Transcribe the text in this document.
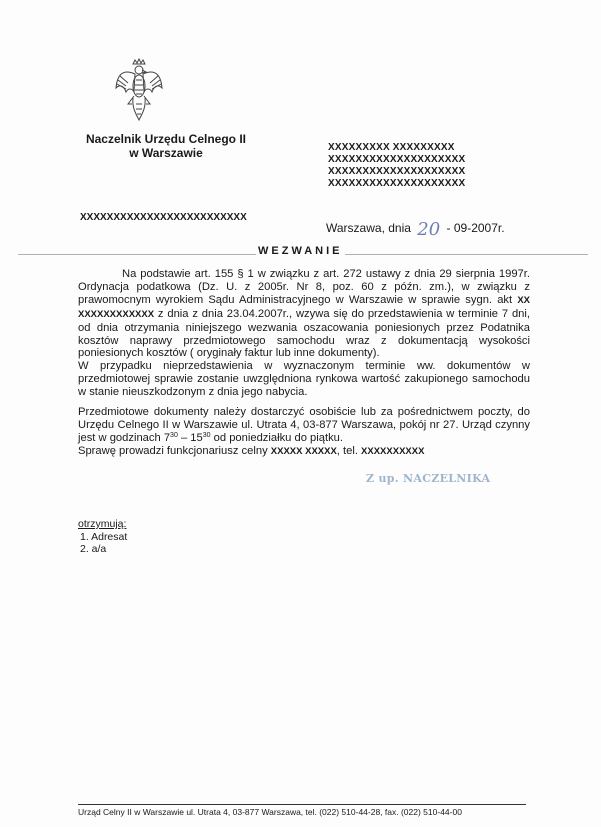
Naczelnik Urzędu Celnego II
w Warszawie	XXXXXXXXX XXXXXXXXX
XXXXXXXXXXXXXXXXXXXX
XXXXXXXXXXXXXXXXXXXX
XXXXXXXXXXXXXXXXXXXX
XXXXXXXXXXXXXXXXXXXXXXXXX
Warszawa, dnia 20 - 09-2007r.
WEZWANIE

Na podstawie art. 155 § 1 w związku z art. 272 ustawy z dnia 29 sierpnia 1997r. Ordynacja podatkowa (Dz. U. z 2005r. Nr 8, poz. 60 z późn. zm.), w związku z prawomocnym wyrokiem Sądu Administracyjnego w Warszawie w sprawie sygn. akt XX XXXXXXXXXXXX z dnia z dnia 23.04.2007r., wzywa się do przedstawienia w terminie 7 dni, od dnia otrzymania niniejszego wezwania oszacowania poniesionych przez Podatnika kosztów naprawy przedmiotowego samochodu wraz z dokumentacją wysokości poniesionych kosztów ( oryginały faktur lub inne dokumenty).

W przypadku nieprzedstawienia w wyznaczonym terminie ww. dokumentów w przedmiotowej sprawie zostanie uwzględniona rynkowa wartość zakupionego samochodu w stanie nieuszkodzonym z dnia jego nabycia.

Przedmiotowe dokumenty należy dostarczyć osobiście lub za pośrednictwem poczty, do Urzędu Celnego II w Warszawie ul. Utrata 4, 03-877 Warszawa, pokój nr 27. Urząd czynny jest w godzinach $7^{30} - 15^{30}$ od poniedziałku do piątku.

Sprawę prowadzi funkcjonariusz celny XXXXX XXXXX, tel. XXXXXXXXXX

Z up. NACZELNIKA
otrzymują:
1. Adresat
2. a/a
Urząd Celny II w Warszawie ul. Utrata 4, 03-877 Warszawa, tel. (022) 510-44-28, fax. (022) 510-44-00
